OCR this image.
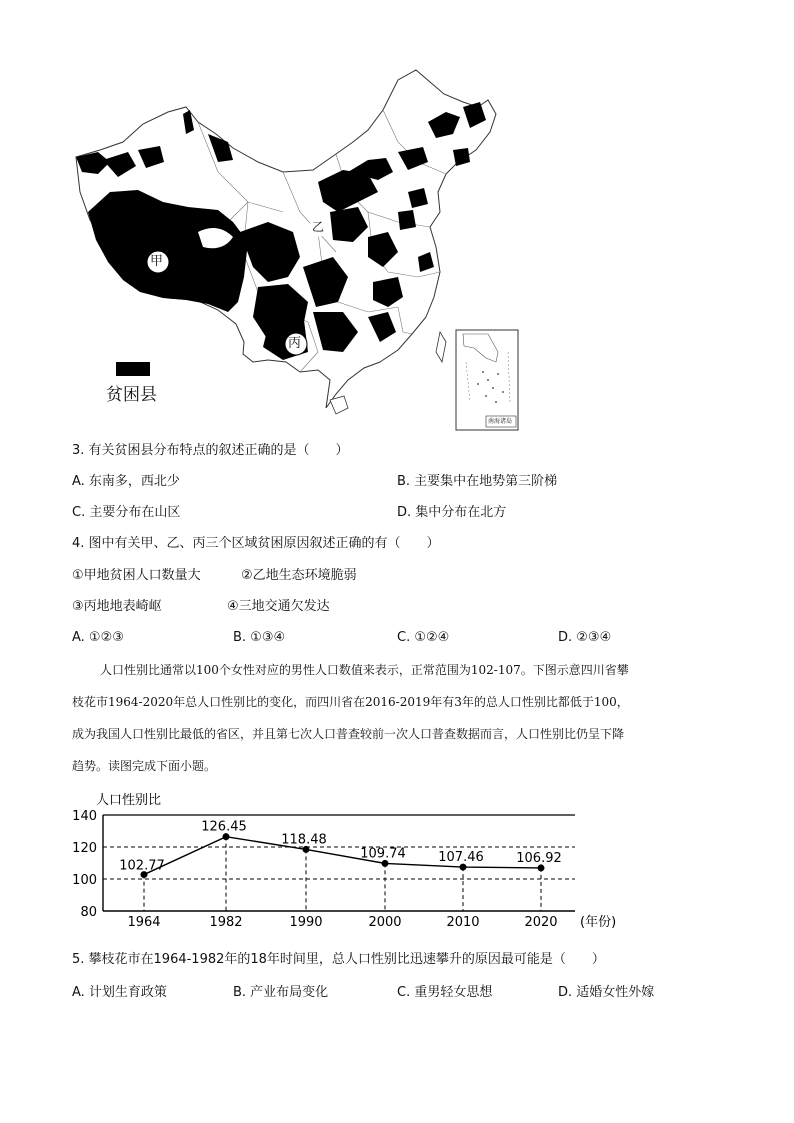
甲
乙
丙
南海诸岛
贫困县
3. 有关贫困县分布特点的叙述正确的是（　　）
A. 东南多，西北少	B. 主要集中在地势第三阶梯
C. 主要分布在山区	D. 集中分布在北方
4. 图中有关甲、乙、丙三个区域贫困原因叙述正确的有（　　）
①甲地贫困人口数量大	②乙地生态环境脆弱
③丙地地表崎岖	④三地交通欠发达
A. ①②③	B. ①③④	C. ①②④	D. ②③④
人口性别比通常以100个女性对应的男性人口数值来表示，正常范围为102-107。下图示意四川省攀
枝花市1964-2020年总人口性别比的变化，而四川省在2016-2019年有3年的总人口性别比都低于100，
成为我国人口性别比最低的省区，并且第七次人口普查较前一次人口普查数据而言，人口性别比仍呈下降
趋势。读图完成下面小题。
人口性别比
140
120
100
80
1964	1982	1990	2000	2010	2020
102.77
126.45
118.48
109.74	107.46	106.92
(年份)
5. 攀枝花市在1964-1982年的18年时间里，总人口性别比迅速攀升的原因最可能是（　　）
A. 计划生育政策	B. 产业布局变化	C. 重男轻女思想	D. 适婚女性外嫁
